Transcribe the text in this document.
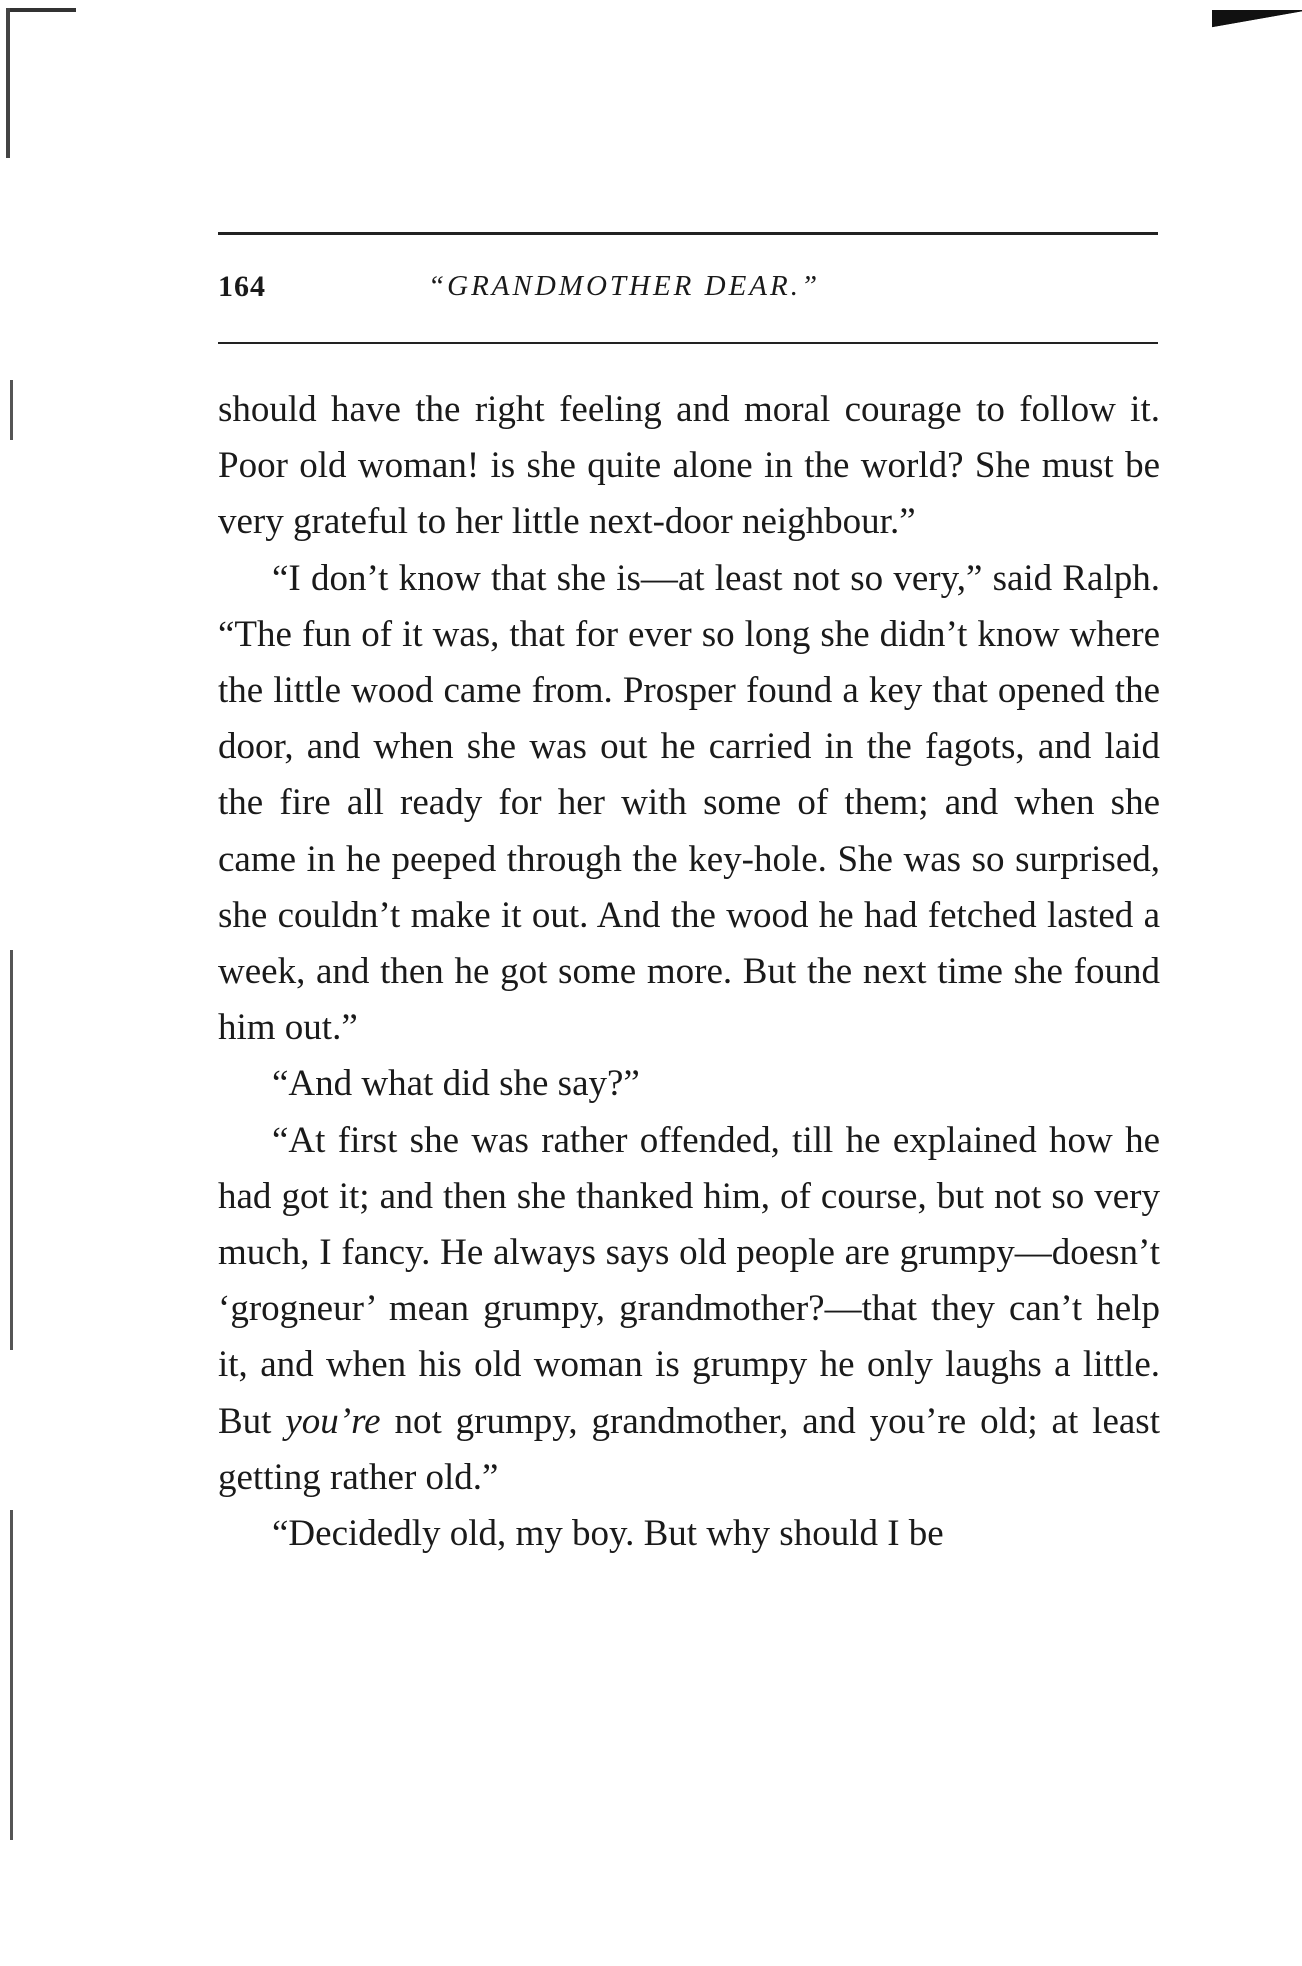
164	“GRANDMOTHER DEAR.”

should have the right feeling and moral courage to follow it. Poor old woman! is she quite alone in the world? She must be very grateful to her little next-door neighbour.”

“I don’t know that she is—at least not so very,” said Ralph. “The fun of it was, that for ever so long she didn’t know where the little wood came from. Prosper found a key that opened the door, and when she was out he carried in the fagots, and laid the fire all ready for her with some of them; and when she came in he peeped through the key-hole. She was so surprised, she couldn’t make it out. And the wood he had fetched lasted a week, and then he got some more. But the next time she found him out.”

“And what did she say?”

“At first she was rather offended, till he explained how he had got it; and then she thanked him, of course, but not so very much, I fancy. He always says old people are grumpy—doesn’t ‘grogneur’ mean grumpy, grandmother?—that they can’t help it, and when his old woman is grumpy he only laughs a little. But you’re not grumpy, grandmother, and you’re old; at least getting rather old.”

“Decidedly old, my boy. But why should I be
